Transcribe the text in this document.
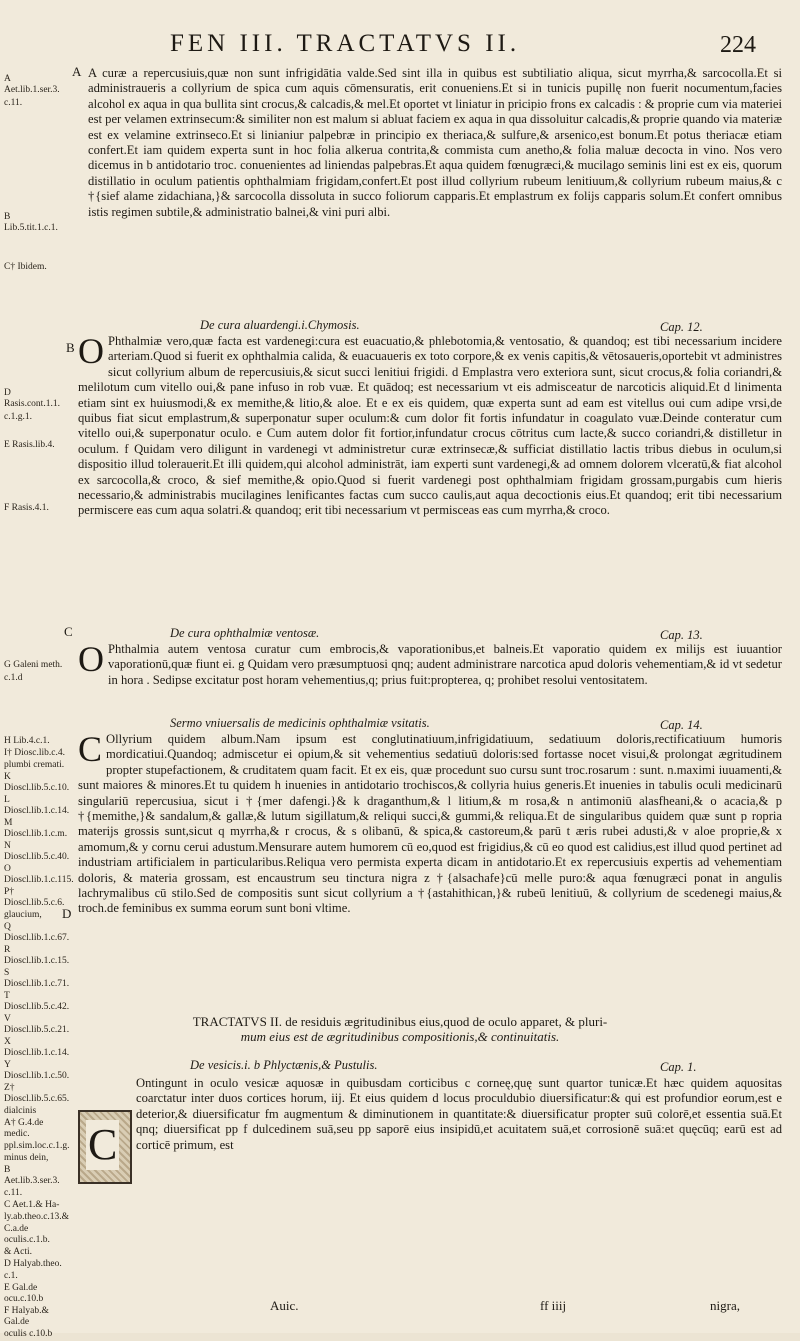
FEN III. TRACTATVS II.	224
A Aet.lib.1.ser.3.
c.11.
B Lib.5.tit.1.c.1.
C† Ibidem.
D Rasis.cont.1.1.
c.1.g.1.
E Rasis.lib.4.
F Rasis.4.1.
G Galeni meth.
c.1.d
H Lib.4.c.1.
I† Diosc.lib.c.4.
plumbi cremati.
K Dioscl.lib.5.c.10.
L Dioscl.lib.1.c.14.
M Dioscl.lib.1.c.m.
N Dioscl.lib.5.c.40.
O Dioscl.lib.1.c.115.
P† Dioscl.lib.5.c.6.
glaucium,
Q Dioscl.lib.1.c.67.
R Dioscl.lib.1.c.15.
S Dioscl.lib.1.c.71.
T Dioscl.lib.5.c.42.
V Dioscl.lib.5.c.21.
X Dioscl.lib.1.c.14.
Y Dioscl.lib.1.c.50.
Z† Dioscl.lib.5.c.65.
dialcinis
A† G.4.de medic.
ppl.sim.loc.c.1.g.
minus dein,
B Aet.lib.3.ser.3.
c.11.
C Aet.1.& Ha-
ly.ab.theo.c.13.&
C.a.de oculis.c.1.b.
& Acti.
D Halyab.theo.
c.1.
E Gal.de ocu.c.10.b
F Halyab.& Gal.de
oculis c.10.b
A
B
C
D
A curæ a repercusiuis,quæ non sunt infrigidātia valde.Sed sint illa in quibus est subtiliatio aliqua, sicut myrrha,& sarcocolla.Et si administraueris a collyrium de spica cum aquis cōmensuratis, erit conueniens.Et si in tunicis pupillę non fuerit nocumentum,facies alcohol ex aqua in qua bullita sint crocus,& calcadis,& mel.Et oportet vt liniatur in pricipio frons ex calcadis : & proprie cum via materiei est per velamen extrinsecum:& similiter non est malum si abluat faciem ex aqua in qua dissoluitur calcadis,& proprie quando via materiæ est ex velamine extrinseco.Et si linianiur palpebræ in principio ex theriaca,& sulfure,& arsenico,est bonum.Et potus theriacæ etiam confert.Et iam quidem experta sunt in hoc folia alkerua contrita,& commista cum anetho,& folia maluæ decocta in vino. Nos vero dicemus in b antidotario troc. conuenientes ad liniendas palpebras.Et aqua quidem fœnugræci,& mucilago seminis lini est ex eis, quorum distillatio in oculum patientis ophthalmiam frigidam,confert.Et post illud collyrium rubeum lenitiuum,& collyrium rubeum maius,& c †{sief alame zidachiana,}& sarcocolla dissoluta in succo foliorum capparis.Et emplastrum ex folijs capparis solum.Et confert omnibus istis regimen subtile,& administratio balnei,& vini puri albi.
De cura aluardengi.i.Chymosis.	Cap. 12.
O Phthalmiæ vero,quæ facta est vardenegi:cura est euacuatio,& phlebotomia,& ventosatio, & quandoq; est tibi necessarium incidere arteriam.Quod si fuerit ex ophthalmia calida, & euacuaueris ex toto corpore,& ex venis capitis,& vētosaueris,oportebit vt administres sicut collyrium album de repercusiuis,& sicut succi lenitiui frigidi. d Emplastra vero exteriora sunt, sicut crocus,& folia coriandri,& melilotum cum vitello oui,& pane infuso in rob vuæ. Et quādoq; est necessarium vt eis admisceatur de narcoticis aliquid.Et d linimenta etiam sint ex huiusmodi,& ex memithe,& litio,& aloe. Et e ex eis quidem, quæ experta sunt ad eam est vitellus oui cum adipe vrsi,de quibus fiat sicut emplastrum,& superponatur super oculum:& cum dolor fit fortis infundatur in coagulato vuæ.Deinde conteratur cum vitello oui,& superponatur oculo. e Cum autem dolor fit fortior,infundatur crocus cōtritus cum lacte,& succo coriandri,& distilletur in oculum. f Quidam vero diligunt in vardenegi vt administretur curæ extrinsecæ,& sufficiat distillatio lactis tribus diebus in oculum,si dispositio illud tolerauerit.Et illi quidem,qui alcohol administrāt, iam experti sunt vardenegi,& ad omnem dolorem vlceratū,& fiat alcohol ex sarcocolla,& croco, & sief memithe,& opio.Quod si fuerit vardenegi post ophthalmiam frigidam grossam,purgabis cum hieris necessario,& administrabis mucilagines lenificantes factas cum succo caulis,aut aqua decoctionis eius.Et quandoq; erit tibi necessarium permiscere eas cum aqua solatri.& quandoq; erit tibi necessarium vt permisceas eas cum myrrha,& croco.
De cura ophthalmiæ ventosæ.	Cap. 13.
O Phthalmia autem ventosa curatur cum embrocis,& vaporationibus,et balneis.Et vaporatio quidem ex milijs est iuuantior vaporationū,quæ fiunt ei. g Quidam vero præsumptuosi qnq; audent administrare narcotica apud doloris vehementiam,& id vt sedetur in hora . Sedipse excitatur post horam vehementius,q; prius fuit:propterea, q; prohibet resolui ventositatem.
Sermo vniuersalis de medicinis ophthalmiæ vsitatis.	Cap. 14.
C Ollyrium quidem album.Nam ipsum est conglutinatiuum,infrigidatiuum, sedatiuum doloris,rectificatiuum humoris mordicatiui.Quandoq; admiscetur ei opium,& sit vehementius sedatiuū doloris:sed fortasse nocet visui,& prolongat ægritudinem propter stupefactionem, & cruditatem quam facit. Et ex eis, quæ procedunt suo cursu sunt troc.rosarum : sunt. n.maximi iuuamenti,& sunt maiores & minores.Et tu quidem h inuenies in antidotario trochiscos,& collyria huius generis.Et inuenies in tabulis oculi medicinarū singulariū repercusiua, sicut i †{mer dafengi.}& k draganthum,& l litium,& m rosa,& n antimoniū alasfheani,& o acacia,& p †{memithe,}& sandalum,& gallæ,& lutum sigillatum,& reliqui succi,& gummi,& reliqua.Et de singularibus quidem quæ sunt p ropria materijs grossis sunt,sicut q myrrha,& r crocus, & s olibanū, & spica,& castoreum,& parū t æris rubei adusti,& v aloe proprie,& x amomum,& y cornu cerui adustum.Mensurare autem humorem cū eo,quod est frigidius,& cū eo quod est calidius,est illud quod pertinet ad industriam artificialem in particularibus.Reliqua vero permista experta dicam in antidotario.Et ex repercusiuis expertis ad vehementiam doloris, & materia grossam, est encaustrum seu tinctura nigra z †{alsachafe}cū melle puro:& aqua fœnugræci ponat in angulis lachrymalibus cū stilo.Sed de compositis sunt sicut collyrium a †{astahithican,}& rubeū lenitiuū, & collyrium de scedenegi maius,& troch.de feminibus ex summa eorum sunt boni vltime.
TRACTATVS II. de residuis ægritudinibus eius,quod de oculo apparet, & pluri-
mum eius est de ægritudinibus compositionis,& continuitatis.
De vesicis.i. b Phlyctænis,& Pustulis.	Cap. 1.
C
Ontingunt in oculo vesicæ aquosæ in quibusdam corticibus c corneę,quę sunt quartor tunicæ.Et hæc quidem aquositas coarctatur inter duos cortices horum, iij. Et eius quidem d locus proculdubio diuersificatur:& qui est profundior eorum,est e deterior,& diuersificatur fm augmentum & diminutionem in quantitate:& diuersificatur propter suū colorē,et essentia suā.Et qnq; diuersificat pp f dulcedinem suā,seu pp saporē eius insipidū,et acuitatem suā,et corrosionē suā:et quęcūq; earū est ad corticē primum, est
Auic.	ff iiij	nigra,
